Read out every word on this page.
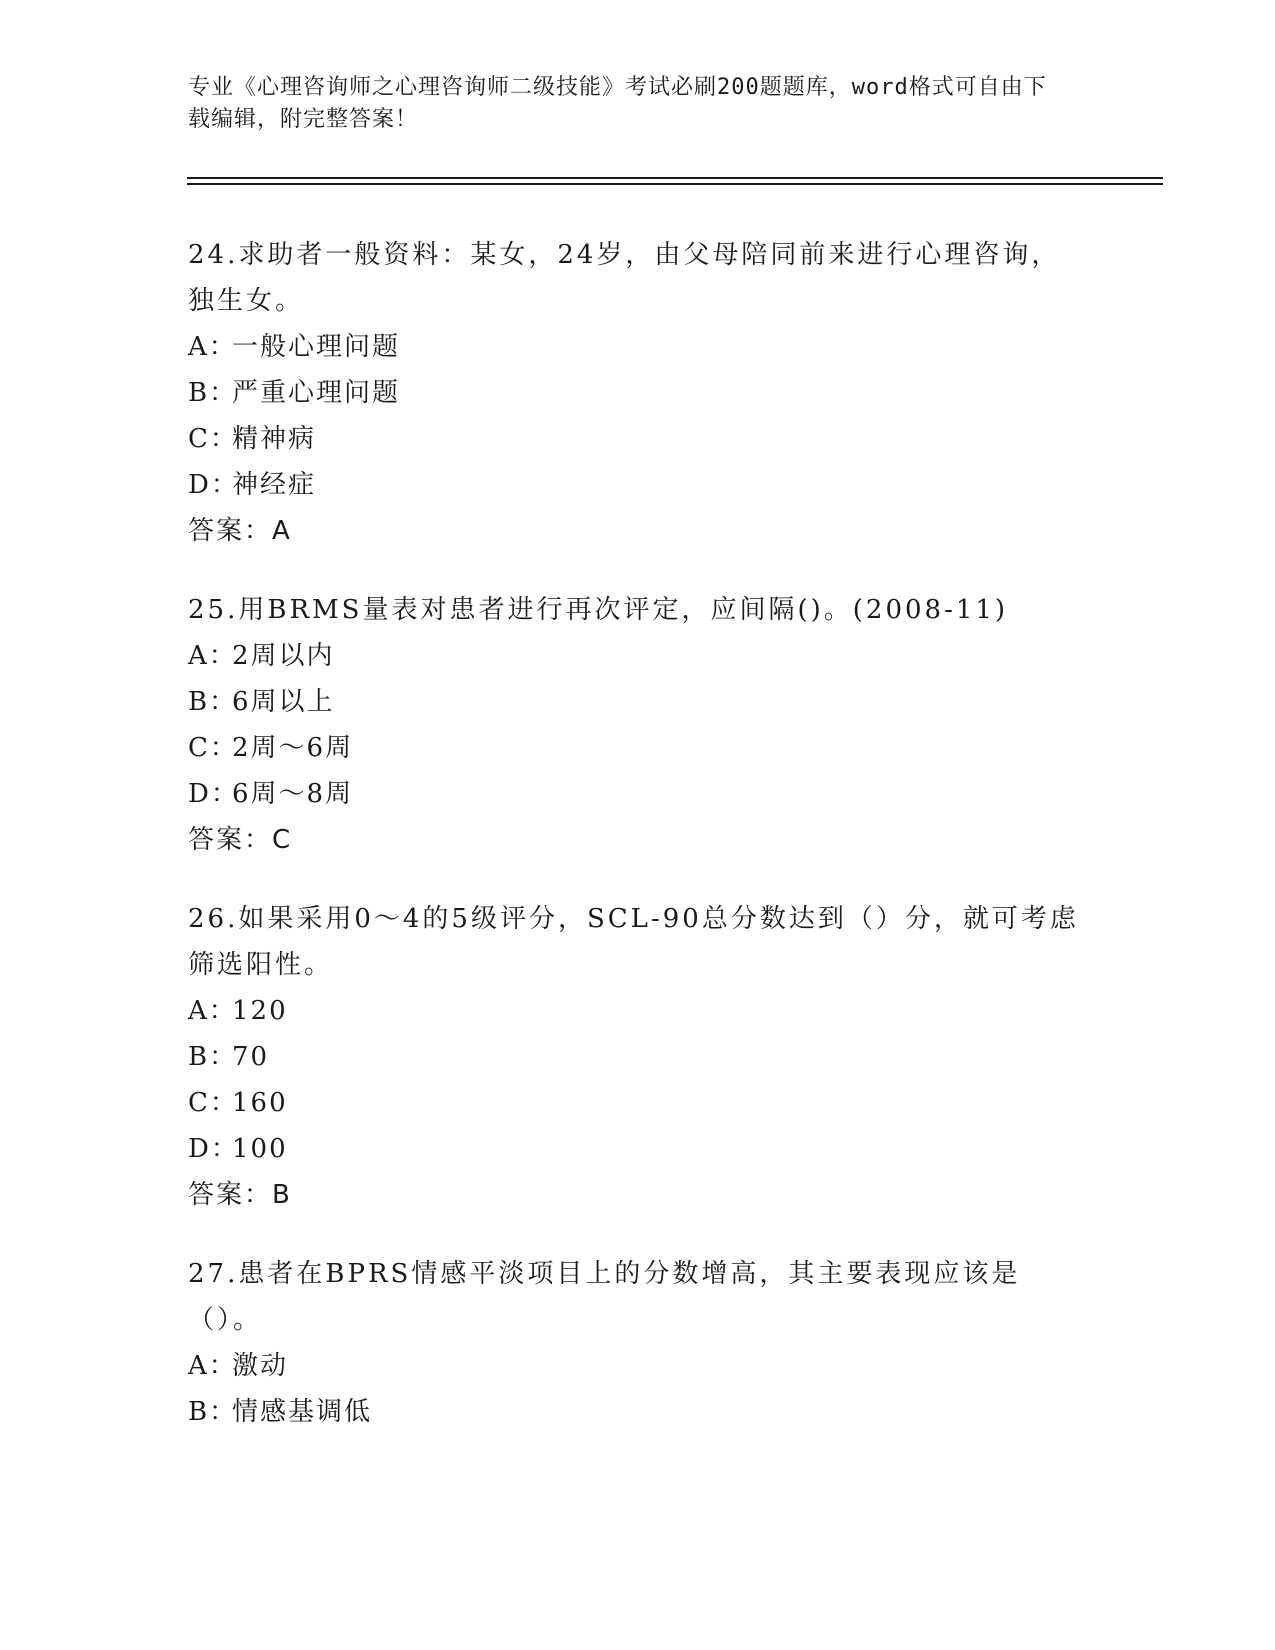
专业《心理咨询师之心理咨询师二级技能》考试必刷200题题库，word格式可自由下载编辑，附完整答案！

24.求助者一般资料：某女，24岁，由父母陪同前来进行心理咨询，独生女。

A：一般心理问题

B：严重心理问题

C：精神病

D：神经症

答案：A

25.用BRMS量表对患者进行再次评定，应间隔()。(2008-11)

A：2周以内

B：6周以上

C：2周～6周

D：6周～8周

答案：C

26.如果采用0～4的5级评分，SCL-90总分数达到（）分，就可考虑筛选阳性。

A：120

B：70

C：160

D：100

答案：B

27.患者在BPRS情感平淡项目上的分数增高，其主要表现应该是（）。

A：激动

B：情感基调低
